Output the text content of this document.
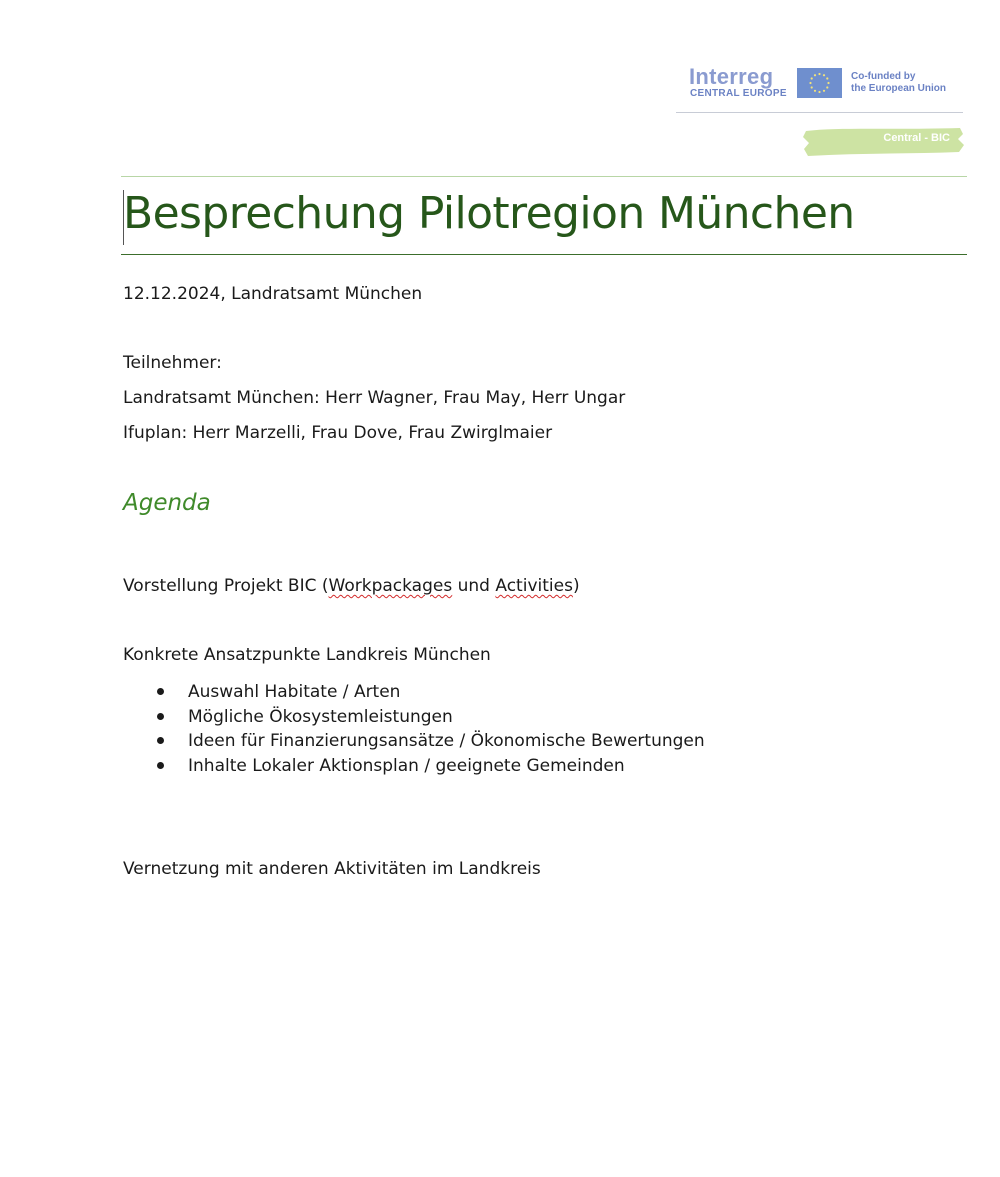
Interreg
CENTRAL EUROPE
Co-funded by
the European Union
Central - BIC
Besprechung Pilotregion München
12.12.2024, Landratsamt München
Teilnehmer:
Landratsamt München: Herr Wagner, Frau May, Herr Ungar
Ifuplan: Herr Marzelli, Frau Dove, Frau Zwirglmaier
Agenda
Vorstellung Projekt BIC (Workpackages und Activities)
Konkrete Ansatzpunkte Landkreis München
Auswahl Habitate / Arten
Mögliche Ökosystemleistungen
Ideen für Finanzierungsansätze / Ökonomische Bewertungen
Inhalte Lokaler Aktionsplan / geeignete Gemeinden
Vernetzung mit anderen Aktivitäten im Landkreis
